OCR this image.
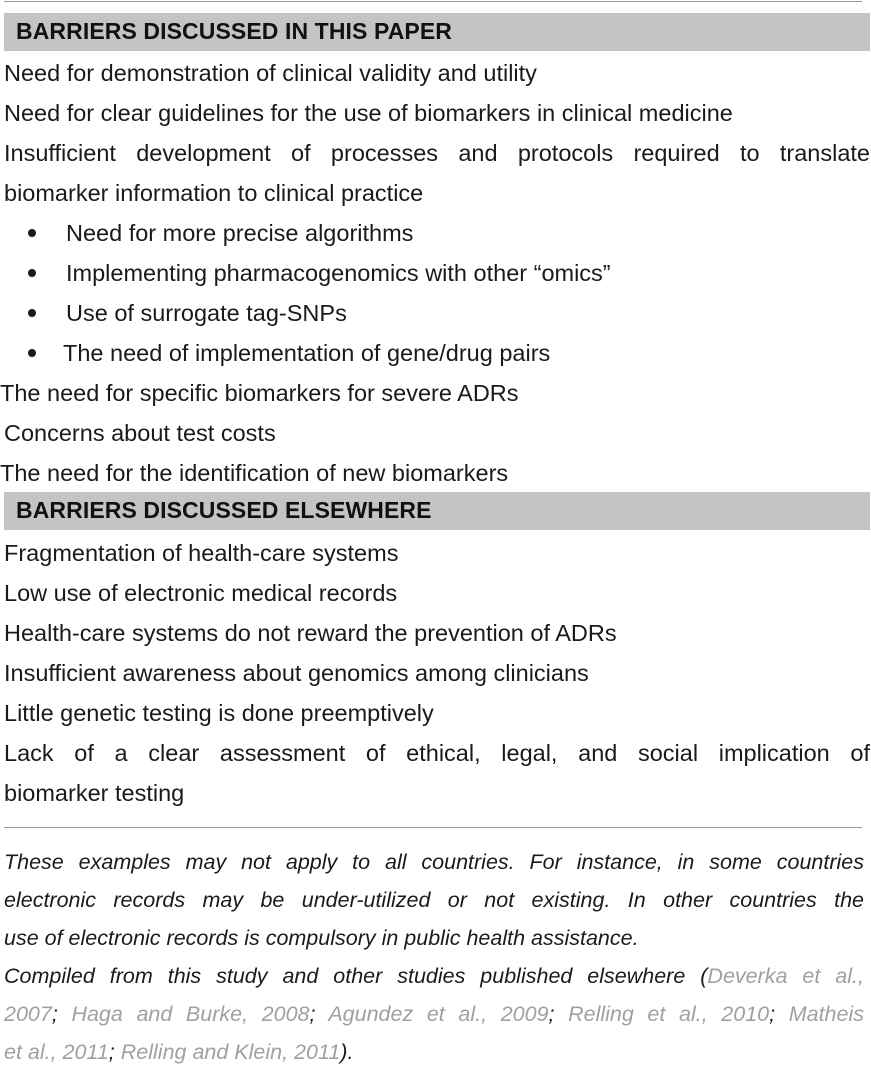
BARRIERS DISCUSSED IN THIS PAPER
Need for demonstration of clinical validity and utility
Need for clear guidelines for the use of biomarkers in clinical medicine
Insufficient development of processes and protocols required to translate
biomarker information to clinical practice
Need for more precise algorithms
Implementing pharmacogenomics with other “omics”
Use of surrogate tag-SNPs
The need of implementation of gene/drug pairs
The need for specific biomarkers for severe ADRs
Concerns about test costs
The need for the identification of new biomarkers
BARRIERS DISCUSSED ELSEWHERE
Fragmentation of health-care systems
Low use of electronic medical records
Health-care systems do not reward the prevention of ADRs
Insufficient awareness about genomics among clinicians
Little genetic testing is done preemptively
Lack of a clear assessment of ethical, legal, and social implication of
biomarker testing
These examples may not apply to all countries. For instance, in some countries
electronic records may be under-utilized or not existing. In other countries the
use of electronic records is compulsory in public health assistance.
Compiled from this study and other studies published elsewhere (Deverka et al.,
2007; Haga and Burke, 2008; Agundez et al., 2009; Relling et al., 2010; Matheis
et al., 2011; Relling and Klein, 2011).
